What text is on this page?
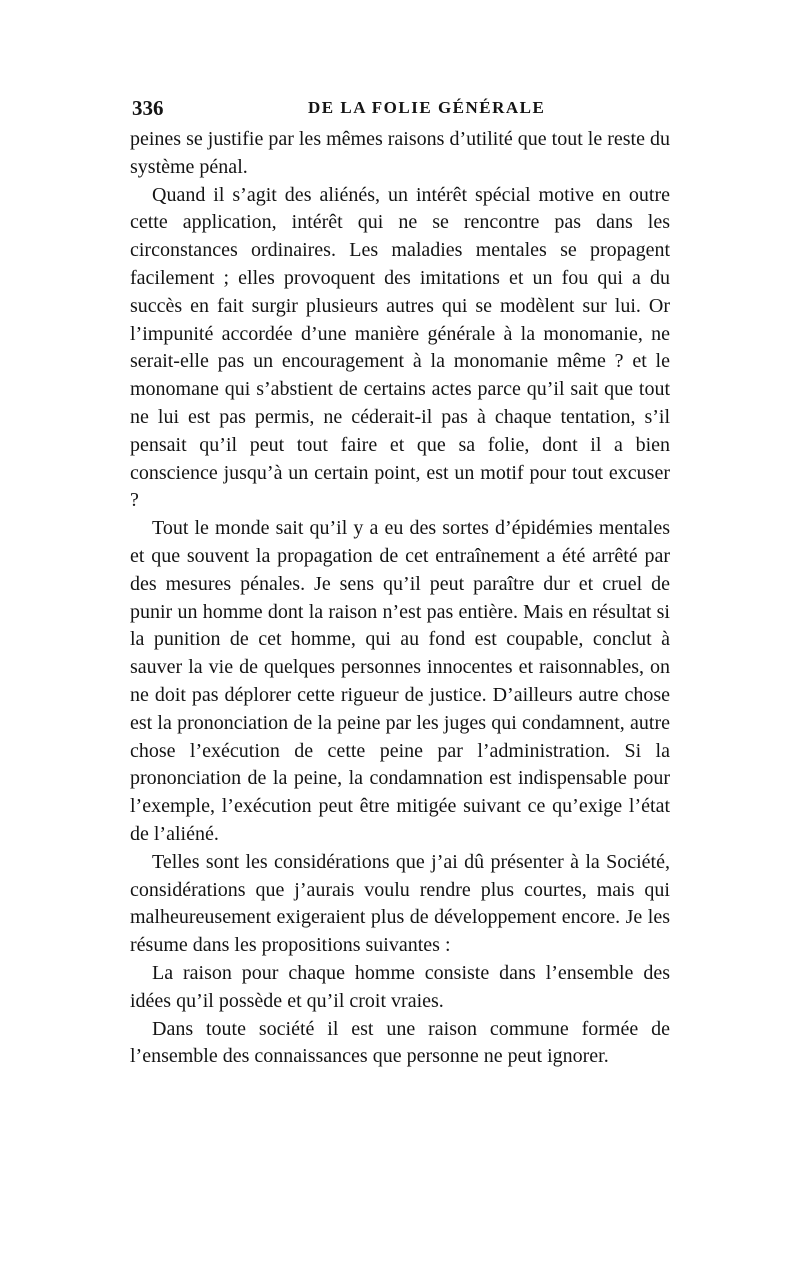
336	DE LA FOLIE GÉNÉRALE

peines se justifie par les mêmes raisons d’utilité que tout le reste du système pénal.

Quand il s’agit des aliénés, un intérêt spécial motive en outre cette application, intérêt qui ne se rencontre pas dans les circonstances ordinaires. Les maladies mentales se propagent facilement ; elles provoquent des imitations et un fou qui a du succès en fait surgir plusieurs autres qui se modèlent sur lui. Or l’impunité accordée d’une manière générale à la monomanie, ne serait-elle pas un encouragement à la monomanie même ? et le monomane qui s’abstient de certains actes parce qu’il sait que tout ne lui est pas permis, ne céderait-il pas à chaque tentation, s’il pensait qu’il peut tout faire et que sa folie, dont il a bien conscience jusqu’à un certain point, est un motif pour tout excuser ?

Tout le monde sait qu’il y a eu des sortes d’épidémies mentales et que souvent la propagation de cet entraînement a été arrêté par des mesures pénales. Je sens qu’il peut paraître dur et cruel de punir un homme dont la raison n’est pas entière. Mais en résultat si la punition de cet homme, qui au fond est coupable, conclut à sauver la vie de quelques personnes innocentes et raisonnables, on ne doit pas déplorer cette rigueur de justice. D’ailleurs autre chose est la prononciation de la peine par les juges qui condamnent, autre chose l’exécution de cette peine par l’administration. Si la prononciation de la peine, la condamnation est indispensable pour l’exemple, l’exécution peut être mitigée suivant ce qu’exige l’état de l’aliéné.

Telles sont les considérations que j’ai dû présenter à la Société, considérations que j’aurais voulu rendre plus courtes, mais qui malheureusement exigeraient plus de développement encore. Je les résume dans les propositions suivantes :

La raison pour chaque homme consiste dans l’ensemble des idées qu’il possède et qu’il croit vraies.

Dans toute société il est une raison commune formée de l’ensemble des connaissances que personne ne peut ignorer.
